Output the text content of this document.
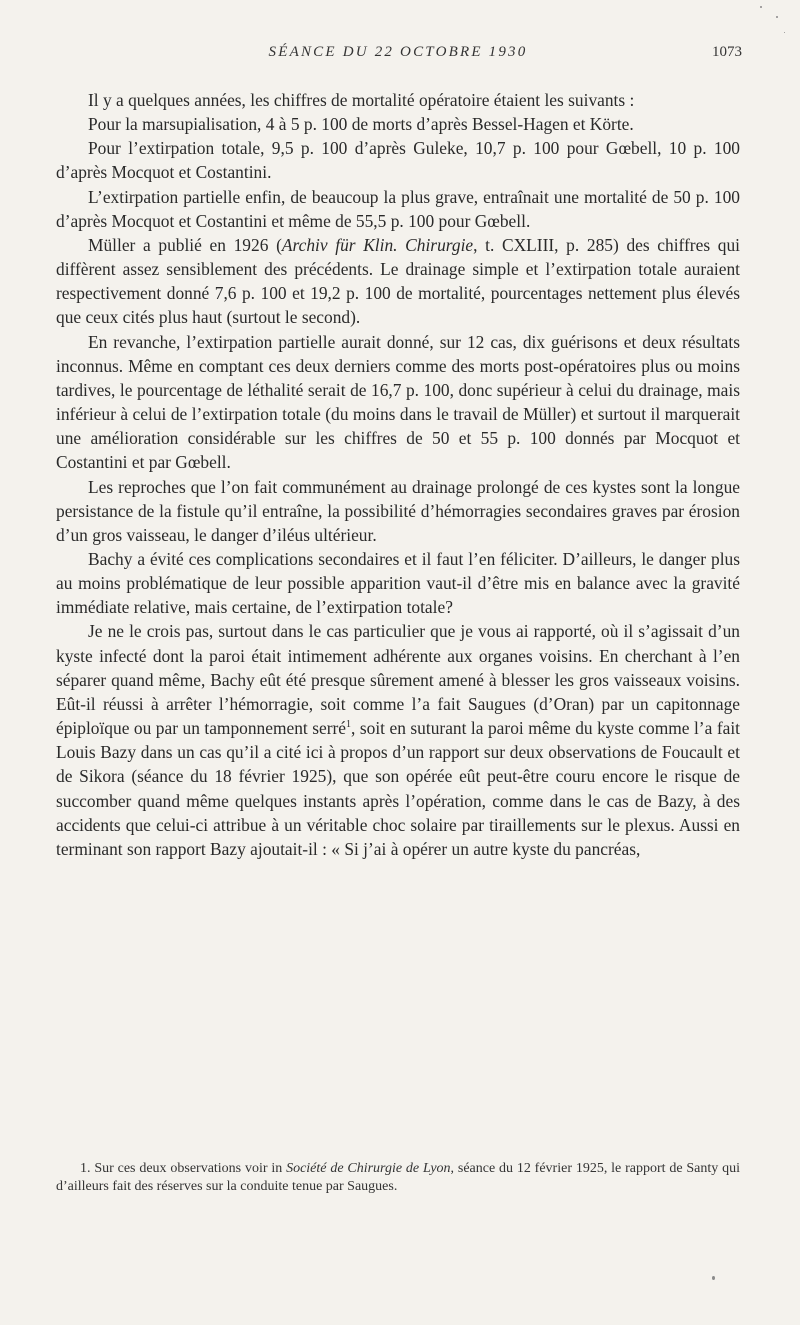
SÉANCE DU 22 OCTOBRE 1930	1073

Il y a quelques années, les chiffres de mortalité opératoire étaient les suivants :

Pour la marsupialisation, 4 à 5 p. 100 de morts d’après Bessel-Hagen et Körte.

Pour l’extirpation totale, 9,5 p. 100 d’après Guleke, 10,7 p. 100 pour Gœbell, 10 p. 100 d’après Mocquot et Costantini.

L’extirpation partielle enfin, de beaucoup la plus grave, entraînait une mortalité de 50 p. 100 d’après Mocquot et Costantini et même de 55,5 p. 100 pour Gœbell.

Müller a publié en 1926 (Archiv für Klin. Chirurgie, t. CXLIII, p. 285) des chiffres qui diffèrent assez sensiblement des précédents. Le drainage simple et l’extirpation totale auraient respectivement donné 7,6 p. 100 et 19,2 p. 100 de mortalité, pourcentages nettement plus élevés que ceux cités plus haut (surtout le second).

En revanche, l’extirpation partielle aurait donné, sur 12 cas, dix guérisons et deux résultats inconnus. Même en comptant ces deux derniers comme des morts post-opératoires plus ou moins tardives, le pourcentage de léthalité serait de 16,7 p. 100, donc supérieur à celui du drainage, mais inférieur à celui de l’extirpation totale (du moins dans le travail de Müller) et surtout il marquerait une amélioration considérable sur les chiffres de 50 et 55 p. 100 donnés par Mocquot et Costantini et par Gœbell.

Les reproches que l’on fait communément au drainage prolongé de ces kystes sont la longue persistance de la fistule qu’il entraîne, la possibilité d’hémorragies secondaires graves par érosion d’un gros vaisseau, le danger d’iléus ultérieur.

Bachy a évité ces complications secondaires et il faut l’en féliciter. D’ailleurs, le danger plus au moins problématique de leur possible apparition vaut-il d’être mis en balance avec la gravité immédiate relative, mais certaine, de l’extirpation totale?

Je ne le crois pas, surtout dans le cas particulier que je vous ai rapporté, où il s’agissait d’un kyste infecté dont la paroi était intimement adhérente aux organes voisins. En cherchant à l’en séparer quand même, Bachy eût été presque sûrement amené à blesser les gros vaisseaux voisins. Eût-il réussi à arrêter l’hémorragie, soit comme l’a fait Saugues (d’Oran) par un capitonnage épiploïque ou par un tamponnement serré$^1$, soit en suturant la paroi même du kyste comme l’a fait Louis Bazy dans un cas qu’il a cité ici à propos d’un rapport sur deux observations de Foucault et de Sikora (séance du 18 février 1925), que son opérée eût peut-être couru encore le risque de succomber quand même quelques instants après l’opération, comme dans le cas de Bazy, à des accidents que celui-ci attribue à un véritable choc solaire par tiraillements sur le plexus. Aussi en terminant son rapport Bazy ajoutait-il : « Si j’ai à opérer un autre kyste du pancréas,

1. Sur ces deux observations voir in Société de Chirurgie de Lyon, séance du 12 février 1925, le rapport de Santy qui d’ailleurs fait des réserves sur la conduite tenue par Saugues.
